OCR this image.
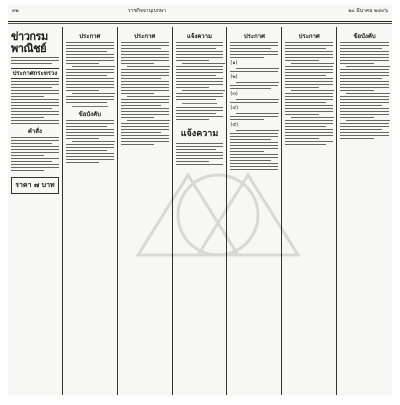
๓๒	ราชกิจจานุเบกษา	๒๐ มีนาคม ๒๔๙๖
ข่าวกรมพาณิชย์
ประกาศกระทรวง
คำสั่ง
ราคา ๗ บาท
ประกาศ
ข้อบังคับ
ประกาศ	แจ้งความ
แจ้งความ
ประกาศ
(๑)
(๒)
(๓)
(๔)
(๕)
ประกาศ	ข้อบังคับ
